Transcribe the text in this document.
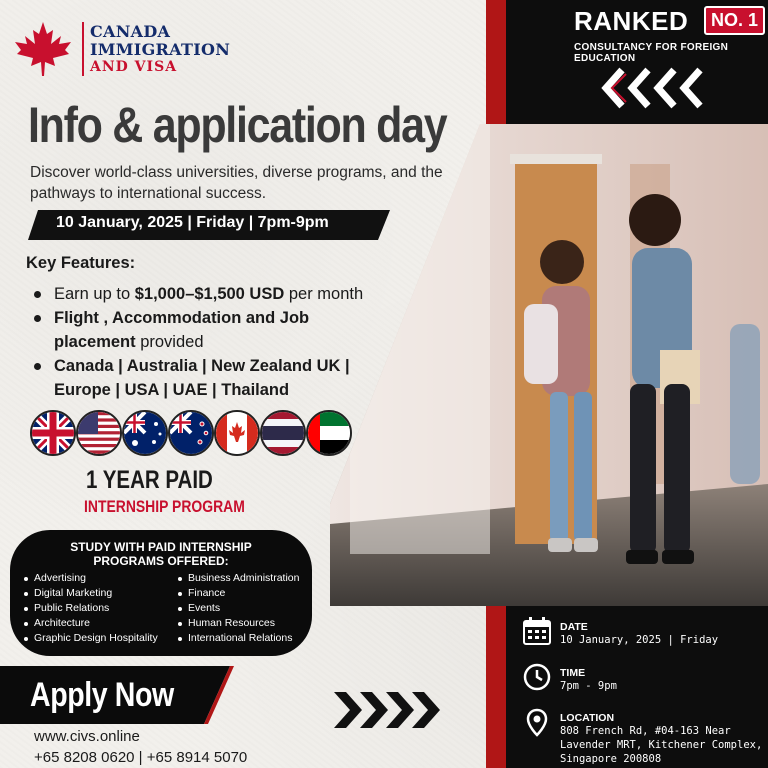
RANKED	NO. 1
CONSULTANCY FOR FOREIGN EDUCATION
CANADA
IMMIGRATION
AND VISA
Info & application day
Discover world-class universities, diverse programs, and the pathways to international success.
10 January, 2025 | Friday | 7pm-9pm
Key Features:
Earn up to $1,000–$1,500 USD per month
Flight , Accommodation and Job placement provided
Canada | Australia | New Zealand UK | Europe | USA | UAE | Thailand
1 YEAR PAID
INTERNSHIP PROGRAM
STUDY WITH PAID INTERNSHIP
PROGRAMS OFFERED:
Advertising
Digital Marketing
Public Relations
Architecture
Graphic Design Hospitality
Business Administration
Finance
Events
Human Resources
International Relations
Apply Now
www.civs.online
+65 8208 0620 | +65 8914 5070
DATE
10 January, 2025 | Friday
TIME
7pm - 9pm
LOCATION
808 French Rd, #04-163 Near Lavender MRT, Kitchener Complex, Singapore 200808
